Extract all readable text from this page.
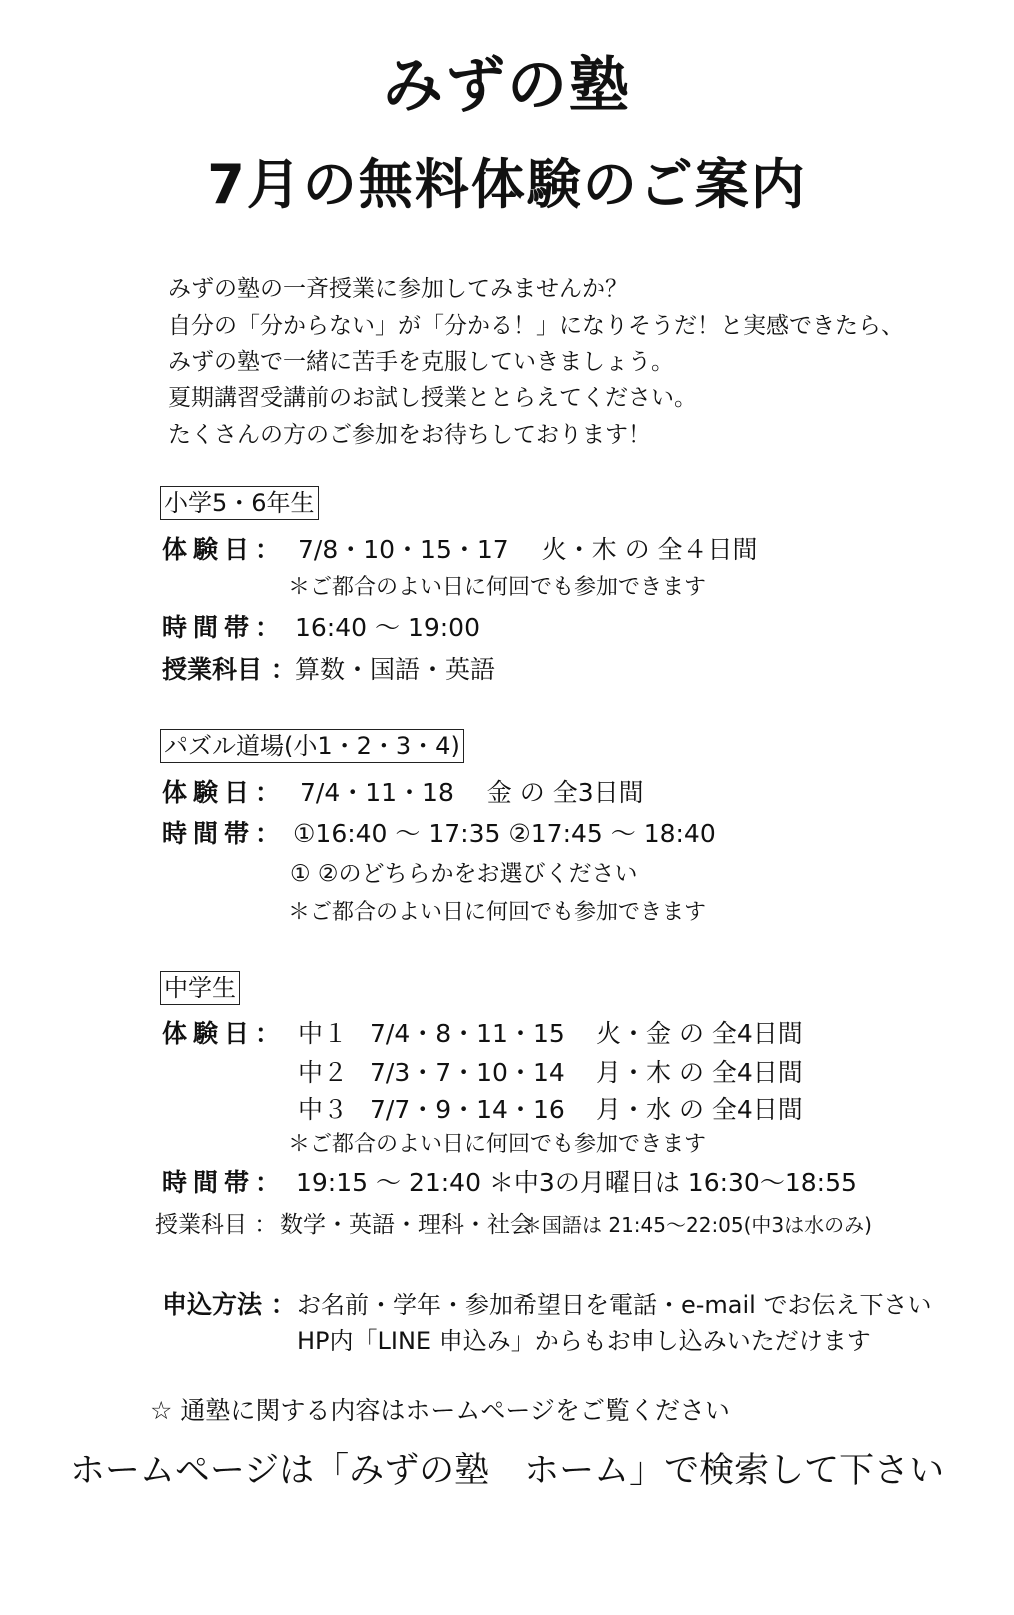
みずの塾
7月の無料体験のご案内
みずの塾の一斉授業に参加してみませんか？
自分の「分からない」が「分かる！」になりそうだ！と実感できたら、
みずの塾で一緒に苦手を克服していきましょう。
夏期講習受講前のお試し授業ととらえてください。
たくさんの方のご参加をお待ちしております！
小学5・6年生
体験日： 7/8・10・15・17　 火・木 の 全４日間
＊ご都合のよい日に何回でも参加できます
時間帯： 16:40 ～ 19:00
授業科目 ： 算数・国語・英語
パズル道場(小1・2・3・4)
体験日： 7/4・11・18　 金 の 全3日間
時間帯： ①16:40 ～ 17:35 ②17:45 ～ 18:40
① ②のどちらかをお選びください
＊ご都合のよい日に何回でも参加できます
中学生
体験日： 中１ 7/4・8・11・15 火・金 の 全4日間
中２ 7/3・7・10・14 月・木 の 全4日間
中３ 7/7・9・14・16 月・水 の 全4日間
＊ご都合のよい日に何回でも参加できます
時間帯： 19:15 ～ 21:40 ＊中3の月曜日は 16:30～18:55
授業科目 ： 数学・英語・理科・社会
＊国語は 21:45～22:05(中3は水のみ)
申込方法 ： お名前・学年・参加希望日を電話・e-mail でお伝え下さい
HP内「LINE 申込み」からもお申し込みいただけます
☆ 通塾に関する内容はホームページをご覧ください
ホームページは「みずの塾　ホーム」で検索して下さい
